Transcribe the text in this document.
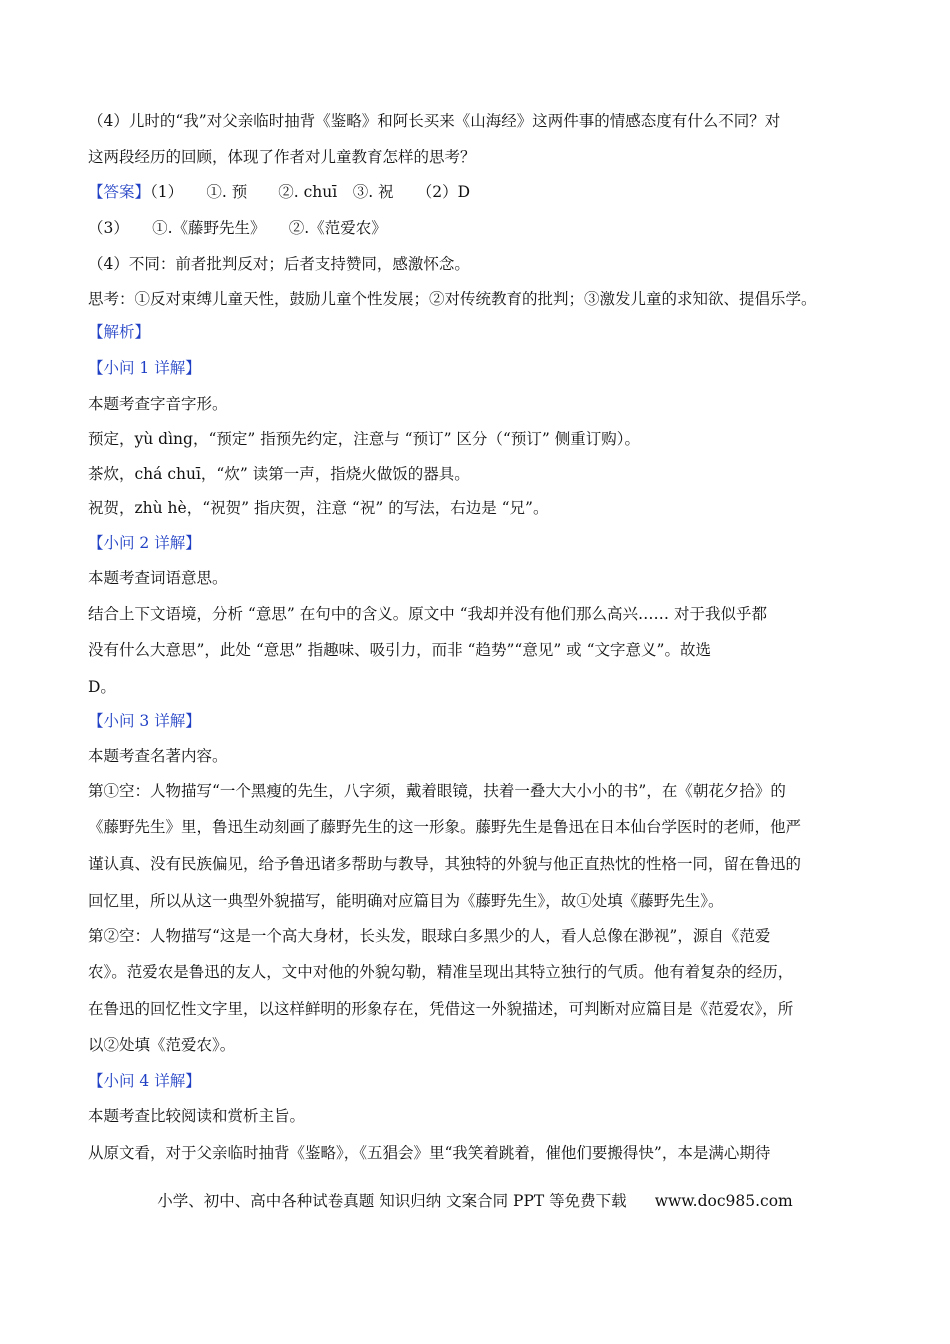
（4）儿时的“我”对父亲临时抽背《鉴略》和阿长买来《山海经》这两件事的情感态度有什么不同？对
这两段经历的回顾，体现了作者对儿童教育怎样的思考？
【答案】（1）　　①. 预　　②. chuī　③. 祝　　（2）D
（3）　　①.《藤野先生》　　②.《范爱农》
（4）不同：前者批判反对；后者支持赞同，感激怀念。
思考：①反对束缚儿童天性，鼓励儿童个性发展；②对传统教育的批判；③激发儿童的求知欲、提倡乐学。
【解析】
【小问 1 详解】
本题考查字音字形。
预定，yù dìng，“预定” 指预先约定，注意与 “预订” 区分（“预订” 侧重订购）。
茶炊，chá chuī，“炊” 读第一声，指烧火做饭的器具。
祝贺，zhù hè，“祝贺” 指庆贺，注意 “祝” 的写法，右边是 “兄”。
【小问 2 详解】
本题考查词语意思。
结合上下文语境，分析 “意思” 在句中的含义。原文中 “我却并没有他们那么高兴…… 对于我似乎都
没有什么大意思”，此处 “意思” 指趣味、吸引力，而非 “趋势”“意见” 或 “文字意义”。故选
D。
【小问 3 详解】
本题考查名著内容。
第①空：人物描写“一个黑瘦的先生，八字须，戴着眼镜，扶着一叠大大小小的书”，在《朝花夕拾》的
《藤野先生》里，鲁迅生动刻画了藤野先生的这一形象。藤野先生是鲁迅在日本仙台学医时的老师，他严
谨认真、没有民族偏见，给予鲁迅诸多帮助与教导，其独特的外貌与他正直热忱的性格一同，留在鲁迅的
回忆里，所以从这一典型外貌描写，能明确对应篇目为《藤野先生》，故①处填《藤野先生》。
第②空：人物描写“这是一个高大身材，长头发，眼球白多黑少的人，看人总像在渺视”，源自《范爱
农》。范爱农是鲁迅的友人，文中对他的外貌勾勒，精准呈现出其特立独行的气质。他有着复杂的经历，
在鲁迅的回忆性文字里，以这样鲜明的形象存在，凭借这一外貌描述，可判断对应篇目是《范爱农》，所
以②处填《范爱农》。
【小问 4 详解】
本题考查比较阅读和赏析主旨。
从原文看，对于父亲临时抽背《鉴略》，《五猖会》里“我笑着跳着，催他们要搬得快”，本是满心期待
小学、初中、高中各种试卷真题 知识归纳 文案合同 PPT 等免费下载 www.doc985.com
